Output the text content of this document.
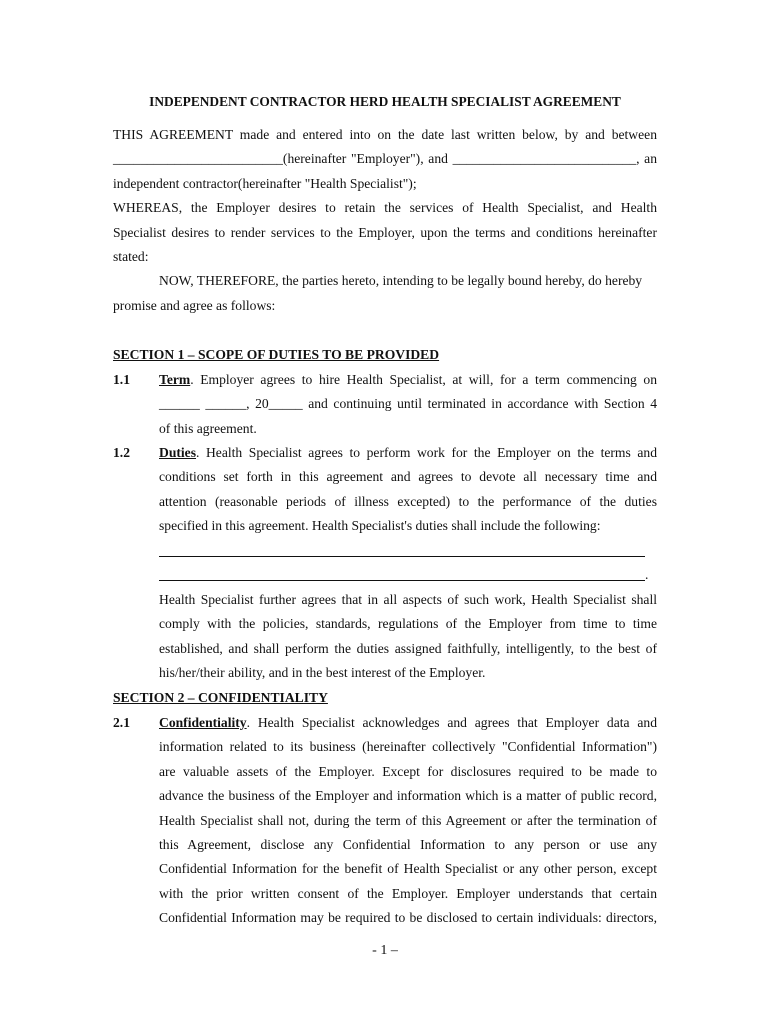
INDEPENDENT CONTRACTOR HERD HEALTH SPECIALIST AGREEMENT
THIS AGREEMENT made and entered into on the date last written below, by and between
_________________________(hereinafter "Employer"), and ___________________________, an
independent contractor(hereinafter "Health Specialist");
WHEREAS, the Employer desires to retain the services of Health Specialist, and Health
Specialist desires to render services to the Employer, upon the terms and conditions hereinafter
stated:
NOW, THEREFORE, the parties hereto, intending to be legally bound hereby, do hereby
promise and agree as follows:
SECTION 1 – SCOPE OF DUTIES TO BE PROVIDED
1.1 Term. Employer agrees to hire Health Specialist, at will, for a term commencing on
______ ______, 20_____ and continuing until terminated in accordance with Section 4
of this agreement.
1.2 Duties. Health Specialist agrees to perform work for the Employer on the terms and
conditions set forth in this agreement and agrees to devote all necessary time and
attention (reasonable periods of illness excepted) to the performance of the duties
specified in this agreement. Health Specialist's duties shall include the following:
.
Health Specialist further agrees that in all aspects of such work, Health Specialist shall
comply with the policies, standards, regulations of the Employer from time to time
established, and shall perform the duties assigned faithfully, intelligently, to the best of
his/her/their ability, and in the best interest of the Employer.
SECTION 2 – CONFIDENTIALITY
2.1 Confidentiality. Health Specialist acknowledges and agrees that Employer data and
information related to its business (hereinafter collectively "Confidential Information")
are valuable assets of the Employer. Except for disclosures required to be made to
advance the business of the Employer and information which is a matter of public record,
Health Specialist shall not, during the term of this Agreement or after the termination of
this Agreement, disclose any Confidential Information to any person or use any
Confidential Information for the benefit of Health Specialist or any other person, except
with the prior written consent of the Employer. Employer understands that certain
Confidential Information may be required to be disclosed to certain individuals: directors,
- 1 –
